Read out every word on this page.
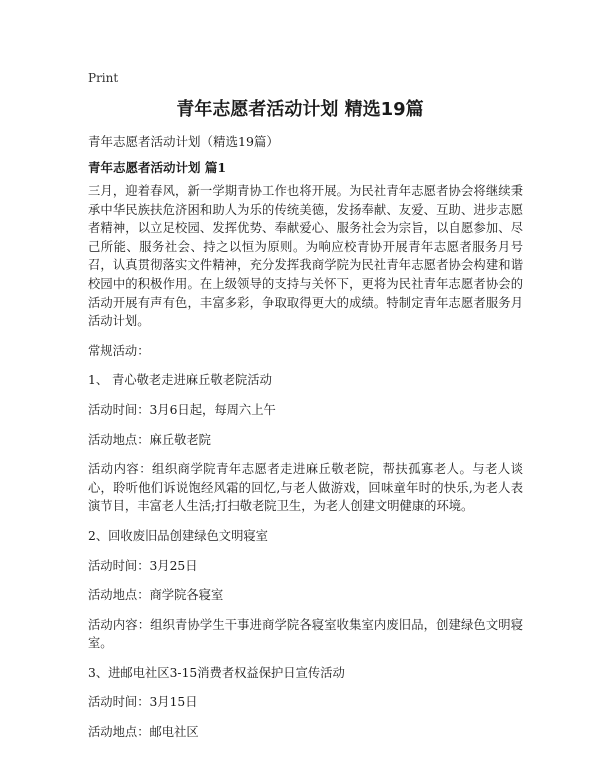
Print
青年志愿者活动计划 精选19篇
青年志愿者活动计划（精选19篇）
青年志愿者活动计划 篇1

三月，迎着春风，新一学期青协工作也将开展。为民社青年志愿者协会将继续秉承中华民族扶危济困和助人为乐的传统美德，发扬奉献、友爱、互助、进步志愿者精神，以立足校园、发挥优势、奉献爱心、服务社会为宗旨，以自愿参加、尽己所能、服务社会、持之以恒为原则。为响应校青协开展青年志愿者服务月号召，认真贯彻落实文件精神，充分发挥我商学院为民社青年志愿者协会构建和谐校园中的积极作用。在上级领导的支持与关怀下，更将为民社青年志愿者协会的活动开展有声有色，丰富多彩，争取取得更大的成绩。特制定青年志愿者服务月活动计划。

常规活动：

1、 青心敬老走进麻丘敬老院活动

活动时间：3月6日起，每周六上午

活动地点：麻丘敬老院

活动内容：组织商学院青年志愿者走进麻丘敬老院，帮扶孤寡老人。与老人谈心，聆听他们诉说饱经风霜的回忆,与老人做游戏，回味童年时的快乐,为老人表演节目，丰富老人生活;打扫敬老院卫生，为老人创建文明健康的环境。

2、回收废旧品创建绿色文明寝室

活动时间：3月25日

活动地点：商学院各寝室

活动内容：组织青协学生干事进商学院各寝室收集室内废旧品，创建绿色文明寝室。

3、进邮电社区3-15消费者权益保护日宣传活动

活动时间：3月15日

活动地点：邮电社区
